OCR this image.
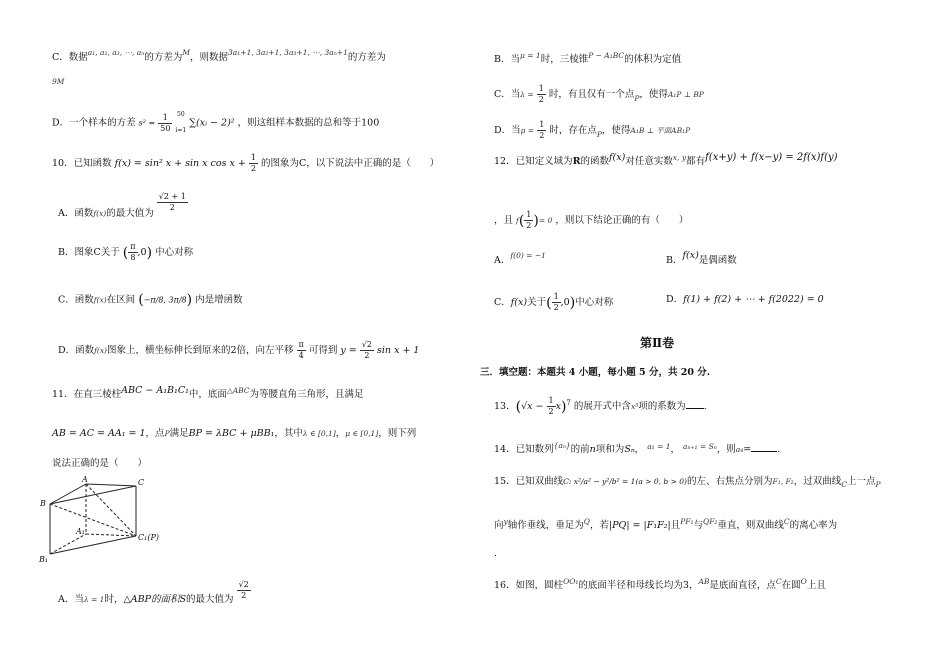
C．数据$^{a_1, a_2, a_3, \cdots, a_n}$的方差为$^M$，则数据$^{3a_1+1, 3a_2+1, 3a_3+1, \cdots, 3a_n+1}$的方差为
9M
D．一个样本的方差 $s^2 = \frac{1}{50}$
50
i=1
∑(xᵢ − 2)² ，则这组样本数据的总和等于100
10．已知函数 f(x) = sin² x + sin x $\cos x + \frac{1}{2}$ 的图象为C，以下说法中正确的是（　　）
A．函数f(x)的最大值为
$\frac{√2 + 1}{2}$
B．图象C关于 ( $\frac{\pi}{8} ,0$) 中心对称
C．函数f(x)在区间 (−π/8, 3π/8) 内是增函数
D．函数f(x)图象上，横坐标伸长到原来的2倍，向左平移 $\frac{\pi}{4}$ 可得到 $y = \frac{√2}{2}$ sin x + 1
11．在直三棱柱ABC − A₁B₁C₁中，底面$^{\triangle ABC}$为等腰直角三角形，且满足
AB = AC = AA₁ = 1，点P满足BP = λBC + μBB₁，其中λ ∈ [0,1]，μ ∈ [0,1]，则下列
说法正确的是（　　）
A	C
B
A₁
B₁
C₁(P)
A．当λ = 1时，△ABP的面积S的最大值为 $\frac{√2}{2}$
B．当$^{\mu = 1}$时，三棱锥$^{P - A_1BC}$的体积为定值
C．当$\lambda = \frac{1}{2}$ 时，有且仅有一个点$_P$，使得A₁P ⊥ BP
D．当$\mu = \frac{1}{2}$ 时，存在点$_P$，使得A₁B ⊥ 平面AB₁P
12．已知定义域为R的函数f(x)对任意实数$^{x, y}$都有f(x+y) + f(x−y) = 2f(x)f(y)
，且 $f( \frac{1}{2}$ )= 0 ，则以下结论正确的有（　　）
A．$^{f(0) = -1}$	B．f(x)是偶函数
C．f(x)关于( $\frac{1}{2} ,0$)中心对称	D．f(1) + f(2) + ⋯ + f(2022) = 0
第Ⅱ卷
三．填空题：本题共 4 小题，每小题 5 分，共 20 分.
13．$(√x - \frac{1}{2} x)^7$ 的展开式中含x⁵项的系数为 .
14．已知数列$^{\{a_n\}}$的前n项和为Sₙ， $^{a_1 = 1}$， $^{a_{n+1} = S_n}$，则a₄=	.
15．已知双曲线C: x²/a² − y²/b² = 1(a > 0, b > 0)的左、右焦点分别为F₁, F₂，过双曲线$_C$上一点$_P$
向$^y$轴作垂线，垂足为$^Q$，若|PQ| = |F₁F₂|且$^{PF_1}$与$^{QF_2}$垂直，则双曲线$^C$的离心率为
.
16．如图，圆柱$^{OO_1}$的底面半径和母线长均为3，$^{AB}$是底面直径，点$^C$在圆$^O$上且
